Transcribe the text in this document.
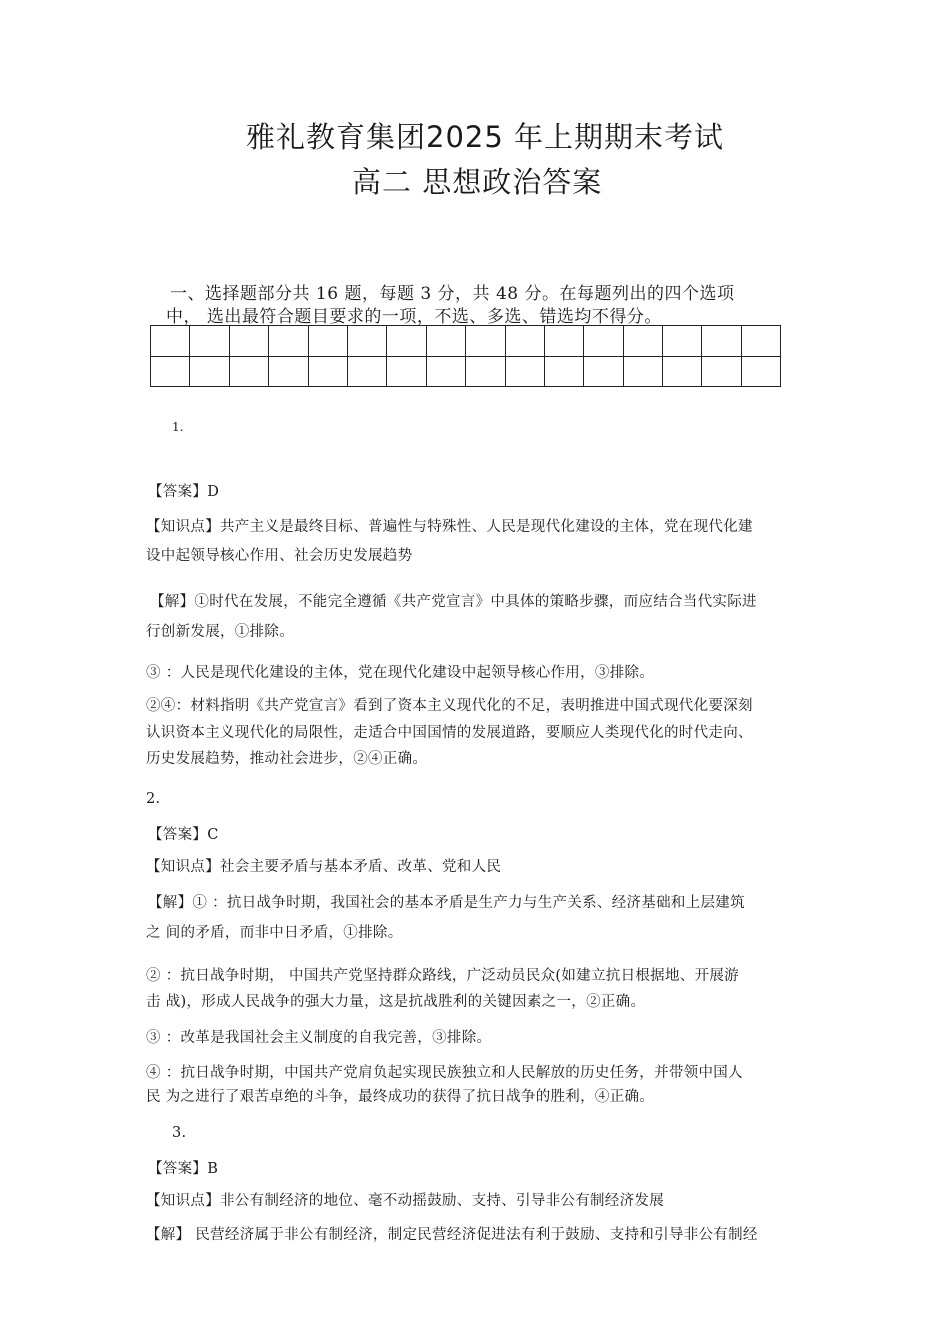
雅礼教育集团2025 年上期期末考试
高二 思想政治答案
一、选择题部分共 16 题，每题 3 分，共 48 分。在每题列出的四个选项
中， 选出最符合题目要求的一项，不选、多选、错选均不得分。

1.
【答案】D
【知识点】共产主义是最终目标、普遍性与特殊性、人民是现代化建设的主体，党在现代化建
设中起领导核心作用、社会历史发展趋势
【解】①时代在发展，不能完全遵循《共产党宣言》中具体的策略步骤，而应结合当代实际进
行创新发展，①排除。
③ ：人民是现代化建设的主体，党在现代化建设中起领导核心作用，③排除。
②④：材料指明《共产党宣言》看到了资本主义现代化的不足，表明推进中国式现代化要深刻
认识资本主义现代化的局限性，走适合中国国情的发展道路，要顺应人类现代化的时代走向、
历史发展趋势，推动社会进步，②④正确。
2.
【答案】C
【知识点】社会主要矛盾与基本矛盾、改革、党和人民
【解】① ：抗日战争时期，我国社会的基本矛盾是生产力与生产关系、经济基础和上层建筑
之 间的矛盾，而非中日矛盾，①排除。
② ：抗日战争时期， 中国共产党坚持群众路线，广泛动员民众(如建立抗日根据地、开展游
击 战)，形成人民战争的强大力量，这是抗战胜利的关键因素之一，②正确。
③ ：改革是我国社会主义制度的自我完善，③排除。
④ ：抗日战争时期，中国共产党肩负起实现民族独立和人民解放的历史任务，并带领中国人
民 为之进行了艰苦卓绝的斗争，最终成功的获得了抗日战争的胜利，④正确。
3.
【答案】B
【知识点】非公有制经济的地位、毫不动摇鼓励、支持、引导非公有制经济发展
【解】 民营经济属于非公有制经济，制定民营经济促进法有利于鼓励、支持和引导非公有制经
